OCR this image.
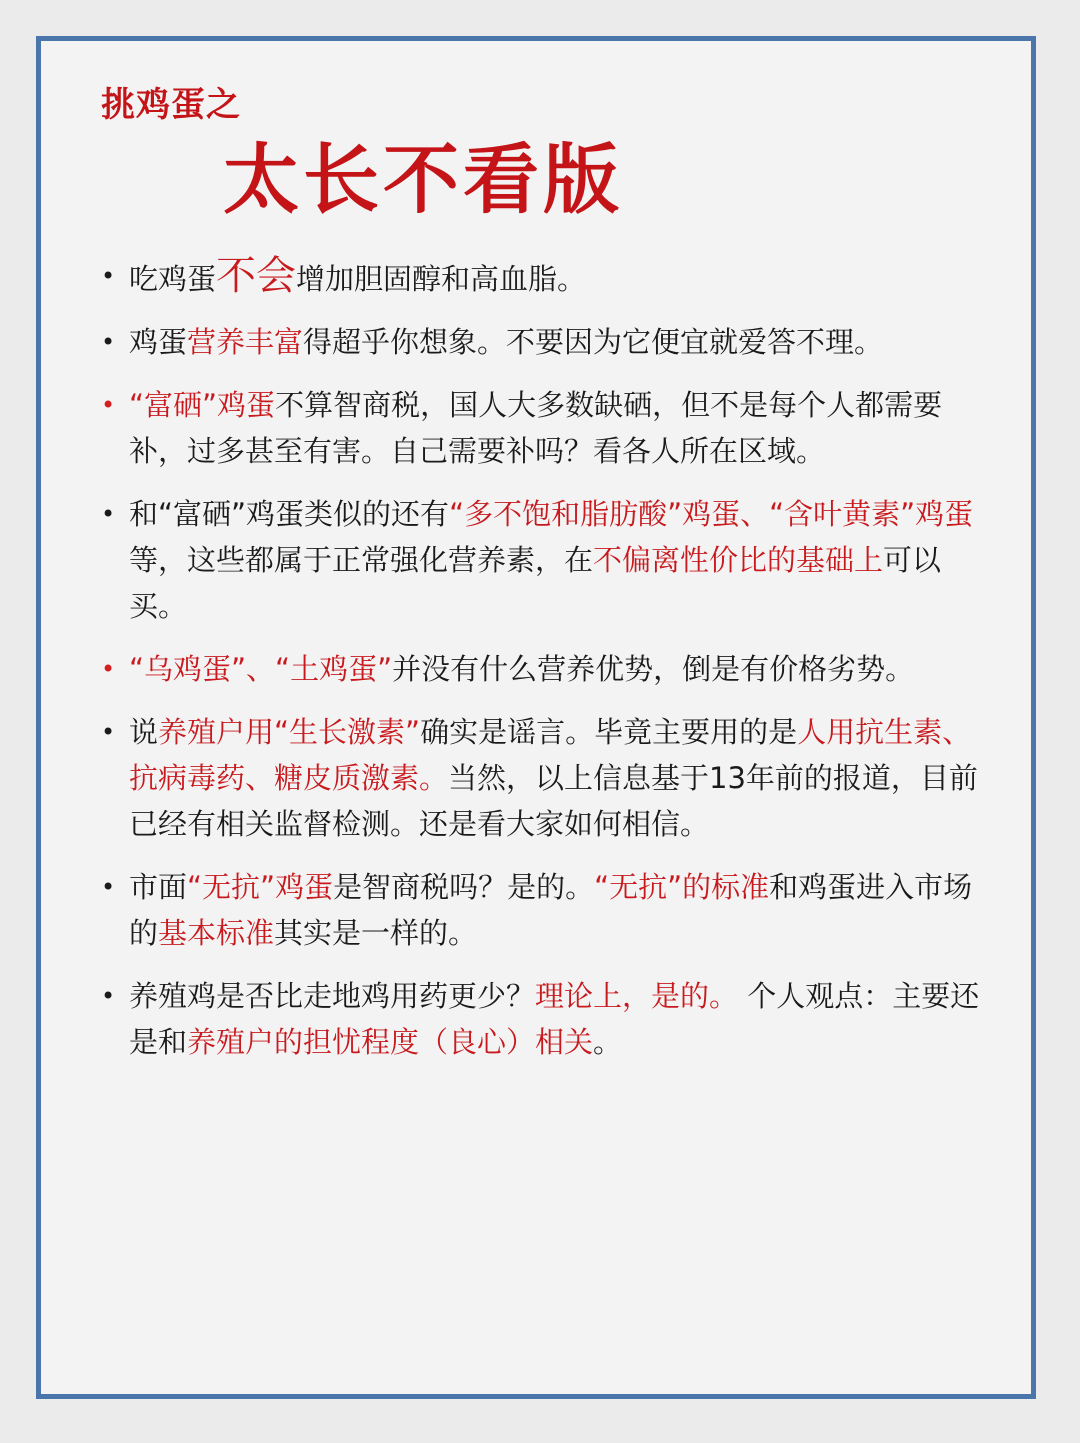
挑鸡蛋之
太长不看版
• 吃鸡蛋不会增加胆固醇和高血脂。
• 鸡蛋营养丰富得超乎你想象。不要因为它便宜就爱答不理。
• “富硒”鸡蛋不算智商税，国人大多数缺硒，但不是每个人都需要补，过多甚至有害。自己需要补吗？看各人所在区域。
• 和“富硒”鸡蛋类似的还有“多不饱和脂肪酸”鸡蛋、“含叶黄素”鸡蛋等，这些都属于正常强化营养素，在不偏离性价比的基础上可以买。
• “乌鸡蛋”、“土鸡蛋”并没有什么营养优势，倒是有价格劣势。
• 说养殖户用“生长激素”确实是谣言。毕竟主要用的是人用抗生素、抗病毒药、糖皮质激素。当然，以上信息基于13年前的报道，目前已经有相关监督检测。还是看大家如何相信。
• 市面“无抗”鸡蛋是智商税吗？是的。“无抗”的标准和鸡蛋进入市场的基本标准其实是一样的。
• 养殖鸡是否比走地鸡用药更少？理论上，是的。 个人观点：主要还是和养殖户的担忧程度（良心）相关。
